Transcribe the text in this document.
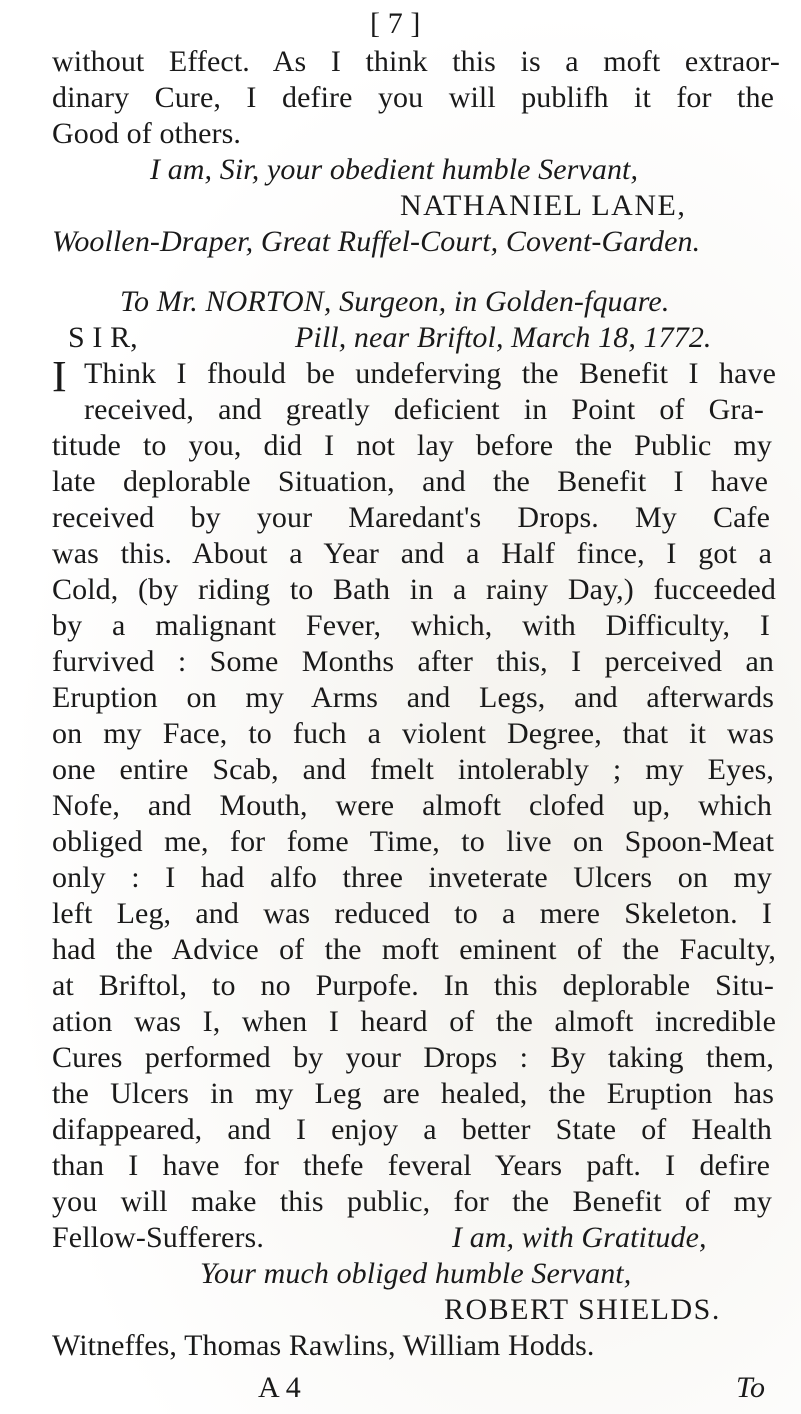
[ 7 ]
without Effect. As I think this is a moft extraor-
dinary Cure, I defire you will publifh it for the
Good of others.
I am, Sir, your obedient humble Servant,
NATHANIEL LANE,
Woollen-Draper, Great Ruffel-Court, Covent-Garden.
To Mr. NORTON, Surgeon, in Golden-fquare.
S I R,	Pill, near Briftol, March 18, 1772.
I Think I fhould be undeferving the Benefit I have
received, and greatly deficient in Point of Gra-
titude to you, did I not lay before the Public my
late deplorable Situation, and the Benefit I have
received by your Maredant's Drops. My Cafe
was this. About a Year and a Half fince, I got a
Cold, (by riding to Bath in a rainy Day,) fucceeded
by a malignant Fever, which, with Difficulty, I
furvived : Some Months after this, I perceived an
Eruption on my Arms and Legs, and afterwards
on my Face, to fuch a violent Degree, that it was
one entire Scab, and fmelt intolerably ; my Eyes,
Nofe, and Mouth, were almoft clofed up, which
obliged me, for fome Time, to live on Spoon-Meat
only : I had alfo three inveterate Ulcers on my
left Leg, and was reduced to a mere Skeleton. I
had the Advice of the moft eminent of the Faculty,
at Briftol, to no Purpofe. In this deplorable Situ-
ation was I, when I heard of the almoft incredible
Cures performed by your Drops : By taking them,
the Ulcers in my Leg are healed, the Eruption has
difappeared, and I enjoy a better State of Health
than I have for thefe feveral Years paft. I defire
you will make this public, for the Benefit of my
Fellow-Sufferers.	I am, with Gratitude,
Your much obliged humble Servant,
ROBERT SHIELDS.
Witneffes, Thomas Rawlins, William Hodds.
A 4	To
